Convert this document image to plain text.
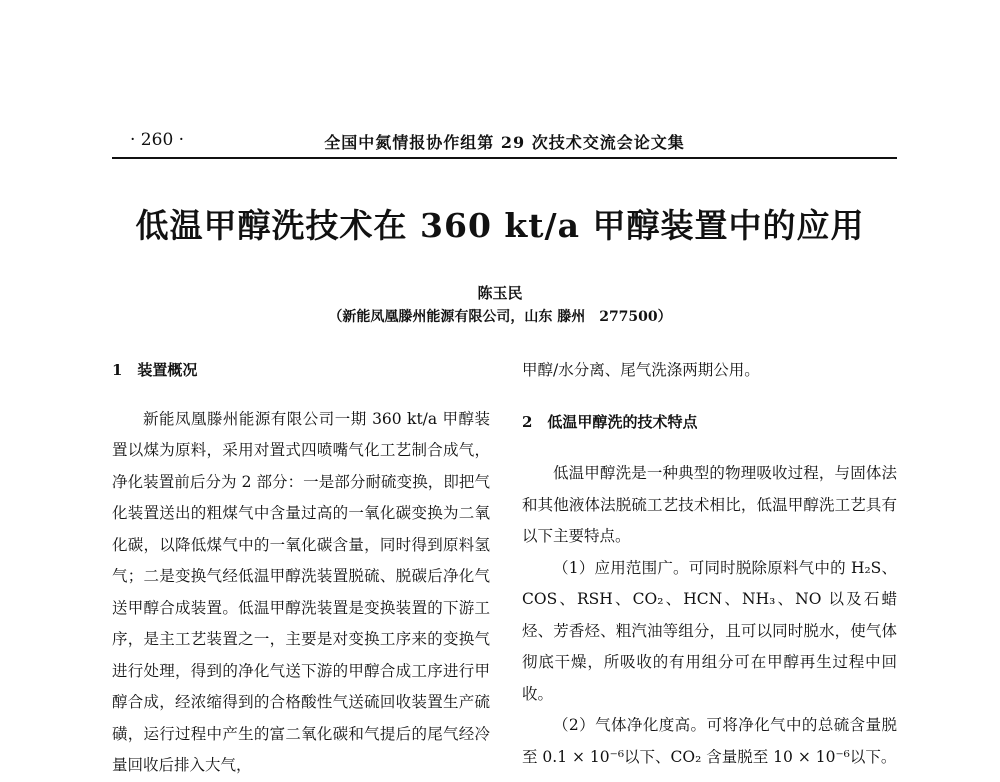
· 260 ·	全国中氮情报协作组第 29 次技术交流会论文集
低温甲醇洗技术在 360 kt/a 甲醇装置中的应用
陈玉民
（新能凤凰滕州能源有限公司，山东 滕州　277500）

1　装置概况

新能凤凰滕州能源有限公司一期 360 kt/a 甲醇装置以煤为原料，采用对置式四喷嘴气化工艺制合成气，净化装置前后分为 2 部分：一是部分耐硫变换，即把气化装置送出的粗煤气中含量过高的一氧化碳变换为二氧化碳，以降低煤气中的一氧化碳含量，同时得到原料氢气；二是变换气经低温甲醇洗装置脱硫、脱碳后净化气送甲醇合成装置。低温甲醇洗装置是变换装置的下游工序，是主工艺装置之一，主要是对变换工序来的变换气进行处理，得到的净化气送下游的甲醇合成工序进行甲醇合成，经浓缩得到的合格酸性气送硫回收装置生产硫磺，运行过程中产生的富二氧化碳和气提后的尾气经冷量回收后排入大气，

甲醇/水分离、尾气洗涤两期公用。

2　低温甲醇洗的技术特点

低温甲醇洗是一种典型的物理吸收过程，与固体法和其他液体法脱硫工艺技术相比，低温甲醇洗工艺具有以下主要特点。

（1）应用范围广。可同时脱除原料气中的 H₂S、COS、RSH、CO₂、HCN、NH₃、NO 以及石蜡烃、芳香烃、粗汽油等组分，且可以同时脱水，使气体彻底干燥，所吸收的有用组分可在甲醇再生过程中回收。

（2）气体净化度高。可将净化气中的总硫含量脱至 0.1 × 10⁻⁶以下、CO₂ 含量脱至 10 × 10⁻⁶以下。
